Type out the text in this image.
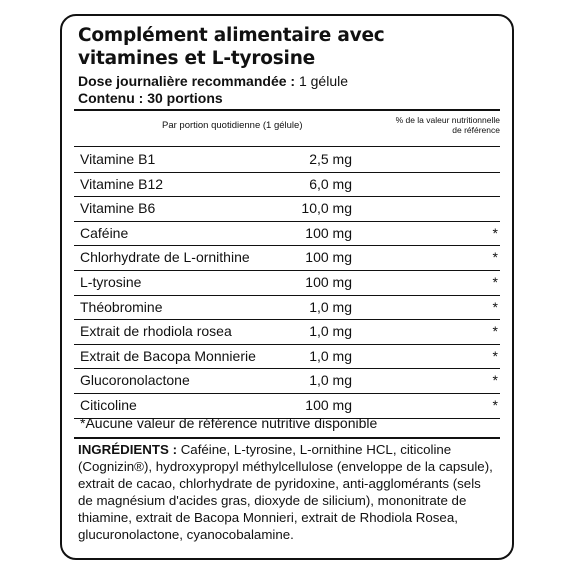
Complément alimentaire avec
vitamines et L-tyrosine
Dose journalière recommandée : 1 gélule
Contenu : 30 portions
Par portion quotidienne (1 gélule)	% de la valeur nutritionnelle
de référence
Vitamine B1	2,5 mg
Vitamine B12	6,0 mg
Vitamine B6	10,0 mg
Caféine	100 mg	*
Chlorhydrate de L-ornithine	100 mg	*
L-tyrosine	100 mg	*
Théobromine	1,0 mg	*
Extrait de rhodiola rosea	1,0 mg	*
Extrait de Bacopa Monnierie	1,0 mg	*
Glucoronolactone	1,0 mg	*
Citicoline	100 mg	*
*Aucune valeur de référence nutritive disponible
INGRÉDIENTS : Caféine, L-tyrosine, L-ornithine HCL, citicoline (Cognizin®), hydroxypropyl méthylcellulose (enveloppe de la capsule), extrait de cacao, chlorhydrate de pyridoxine, anti-agglomérants (sels de magnésium d'acides gras, dioxyde de silicium), mononitrate de thiamine, extrait de Bacopa Monnieri, extrait de Rhodiola Rosea, glucuronolactone, cyanocobalamine.
